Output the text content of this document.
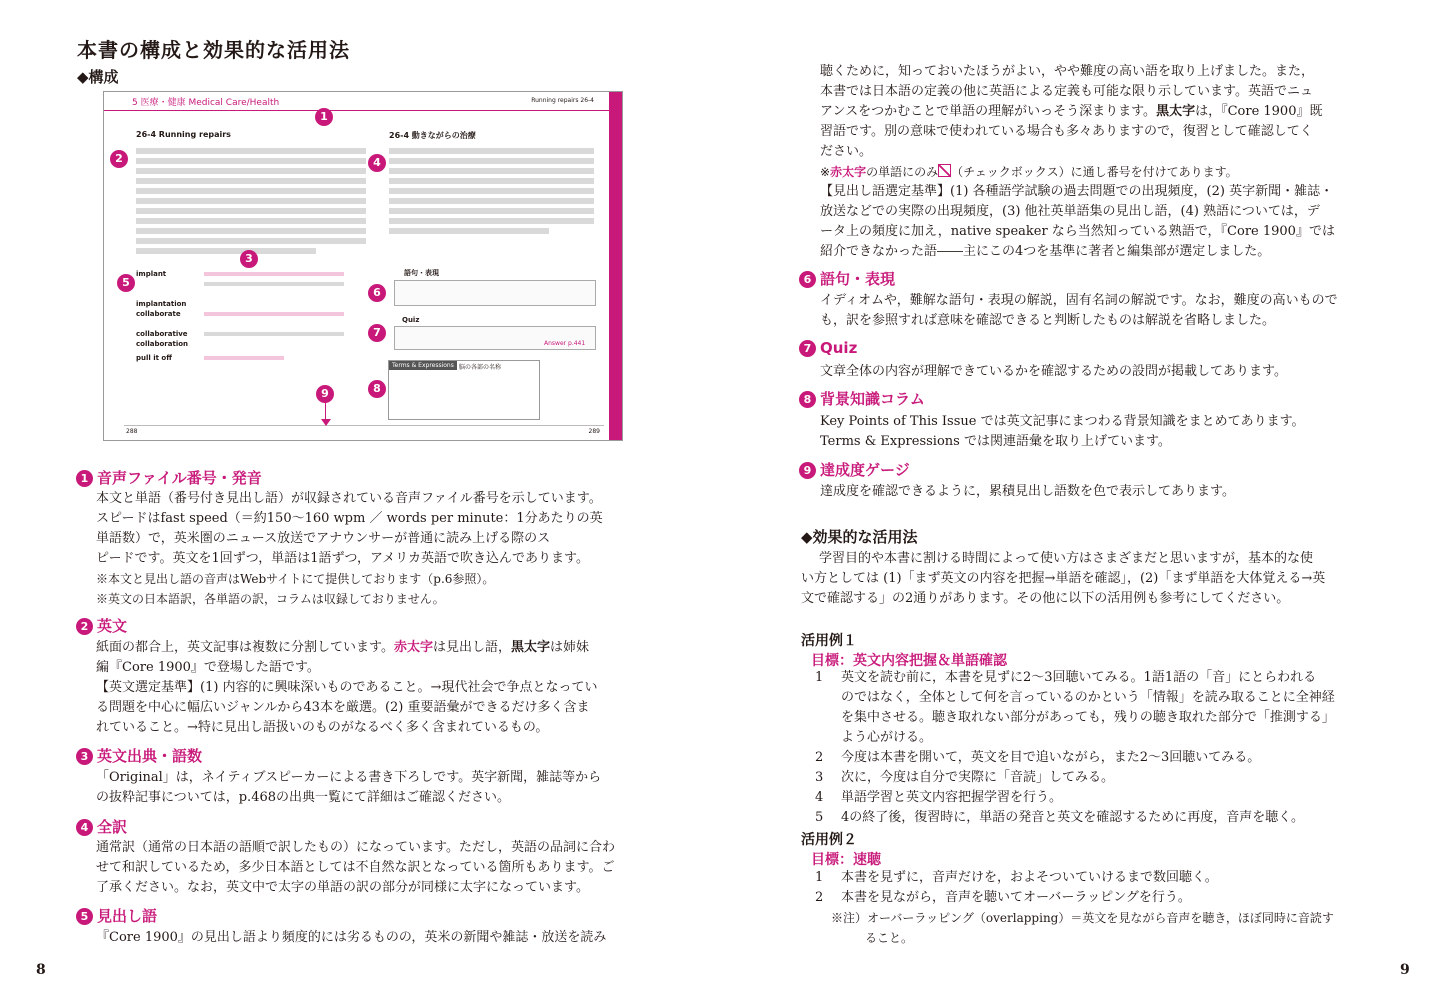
本書の構成と効果的な活用法
◆構成
5 医療・健康 Medical Care/Health	Running repairs 26-4
26-4 Running repairs	26-4 動きながらの治療
implant
implantation
collaborate
collaborative
collaboration
pull it off
語句・表現
Quiz
Answer p.441
Terms & Expressions 脳の各部の名称
288	289
1
2
3
4
5
6
7
8
9
1 音声ファイル番号・発音

本文と単語（番号付き見出し語）が収録されている音声ファイル番号を示しています。

スピードはfast speed（＝約150～160 wpm ／ words per minute：1分あたりの英

単語数）で，英米圏のニュース放送でアナウンサーが普通に読み上げる際のス

ピードです。英文を1回ずつ，単語は1語ずつ，アメリカ英語で吹き込んであります。

※本文と見出し語の音声はWebサイトにて提供しております（p.6参照）。

※英文の日本語訳，各単語の訳，コラムは収録しておりません。

2 英文

紙面の都合上，英文記事は複数に分割しています。赤太字は見出し語，黒太字は姉妹

編『Core 1900』で登場した語です。

【英文選定基準】(1) 内容的に興味深いものであること。→現代社会で争点となってい

る問題を中心に幅広いジャンルから43本を厳選。(2) 重要語彙ができるだけ多く含ま

れていること。→特に見出し語扱いのものがなるべく多く含まれているもの。

3 英文出典・語数

「Original」は，ネイティブスピーカーによる書き下ろしです。英字新聞，雑誌等から

の抜粋記事については，p.468の出典一覧にて詳細はご確認ください。

4 全訳

通常訳（通常の日本語の語順で訳したもの）になっています。ただし，英語の品詞に合わ

せて和訳しているため，多少日本語としては不自然な訳となっている箇所もあります。ご

了承ください。なお，英文中で太字の単語の訳の部分が同様に太字になっています。

5 見出し語

『Core 1900』の見出し語より頻度的には劣るものの，英米の新聞や雑誌・放送を読み

8

聴くために，知っておいたほうがよい，やや難度の高い語を取り上げました。また，

本書では日本語の定義の他に英語による定義も可能な限り示しています。英語でニュ

アンスをつかむことで単語の理解がいっそう深まります。黒太字は，『Core 1900』既

習語です。別の意味で使われている場合も多々ありますので，復習として確認してく

ださい。

※赤太字の単語にのみ （チェックボックス）に通し番号を付けてあります。

【見出し語選定基準】(1) 各種語学試験の過去問題での出現頻度，(2) 英字新聞・雑誌・

放送などでの実際の出現頻度，(3) 他社英単語集の見出し語，(4) 熟語については，デ

ータ上の頻度に加え，native speaker なら当然知っている熟語で，『Core 1900』では

紹介できなかった語――主にこの4つを基準に著者と編集部が選定しました。

6 語句・表現

イディオムや，難解な語句・表現の解説，固有名詞の解説です。なお，難度の高いもので

も，訳を参照すれば意味を確認できると判断したものは解説を省略しました。

7 Quiz

文章全体の内容が理解できているかを確認するための設問が掲載してあります。

8 背景知識コラム

Key Points of This Issue では英文記事にまつわる背景知識をまとめてあります。

Terms & Expressions では関連語彙を取り上げています。

9 達成度ゲージ

達成度を確認できるように，累積見出し語数を色で表示してあります。

◆効果的な活用法

学習目的や本書に割ける時間によって使い方はさまざまだと思いますが，基本的な使

い方としては (1)「まず英文の内容を把握→単語を確認」，(2)「まず単語を大体覚える→英

文で確認する」の2通りがあります。その他に以下の活用例も参考にしてください。

活用例１
目標：英文内容把握＆単語確認
1 英文を読む前に，本書を見ずに2～3回聴いてみる。1語1語の「音」にとらわれる
のではなく，全体として何を言っているのかという「情報」を読み取ることに全神経
を集中させる。聴き取れない部分があっても，残りの聴き取れた部分で「推測する」
よう心がける。
2 今度は本書を開いて，英文を目で追いながら，また2～3回聴いてみる。
3 次に，今度は自分で実際に「音読」してみる。
4 単語学習と英文内容把握学習を行う。
5 4の終了後，復習時に，単語の発音と英文を確認するために再度，音声を聴く。
活用例２
目標：速聴
1 本書を見ずに，音声だけを，およそついていけるまで数回聴く。
2 本書を見ながら，音声を聴いてオーバーラッピングを行う。

※注）オーバーラッピング（overlapping）＝英文を見ながら音声を聴き，ほぼ同時に音読す

ること。

9
